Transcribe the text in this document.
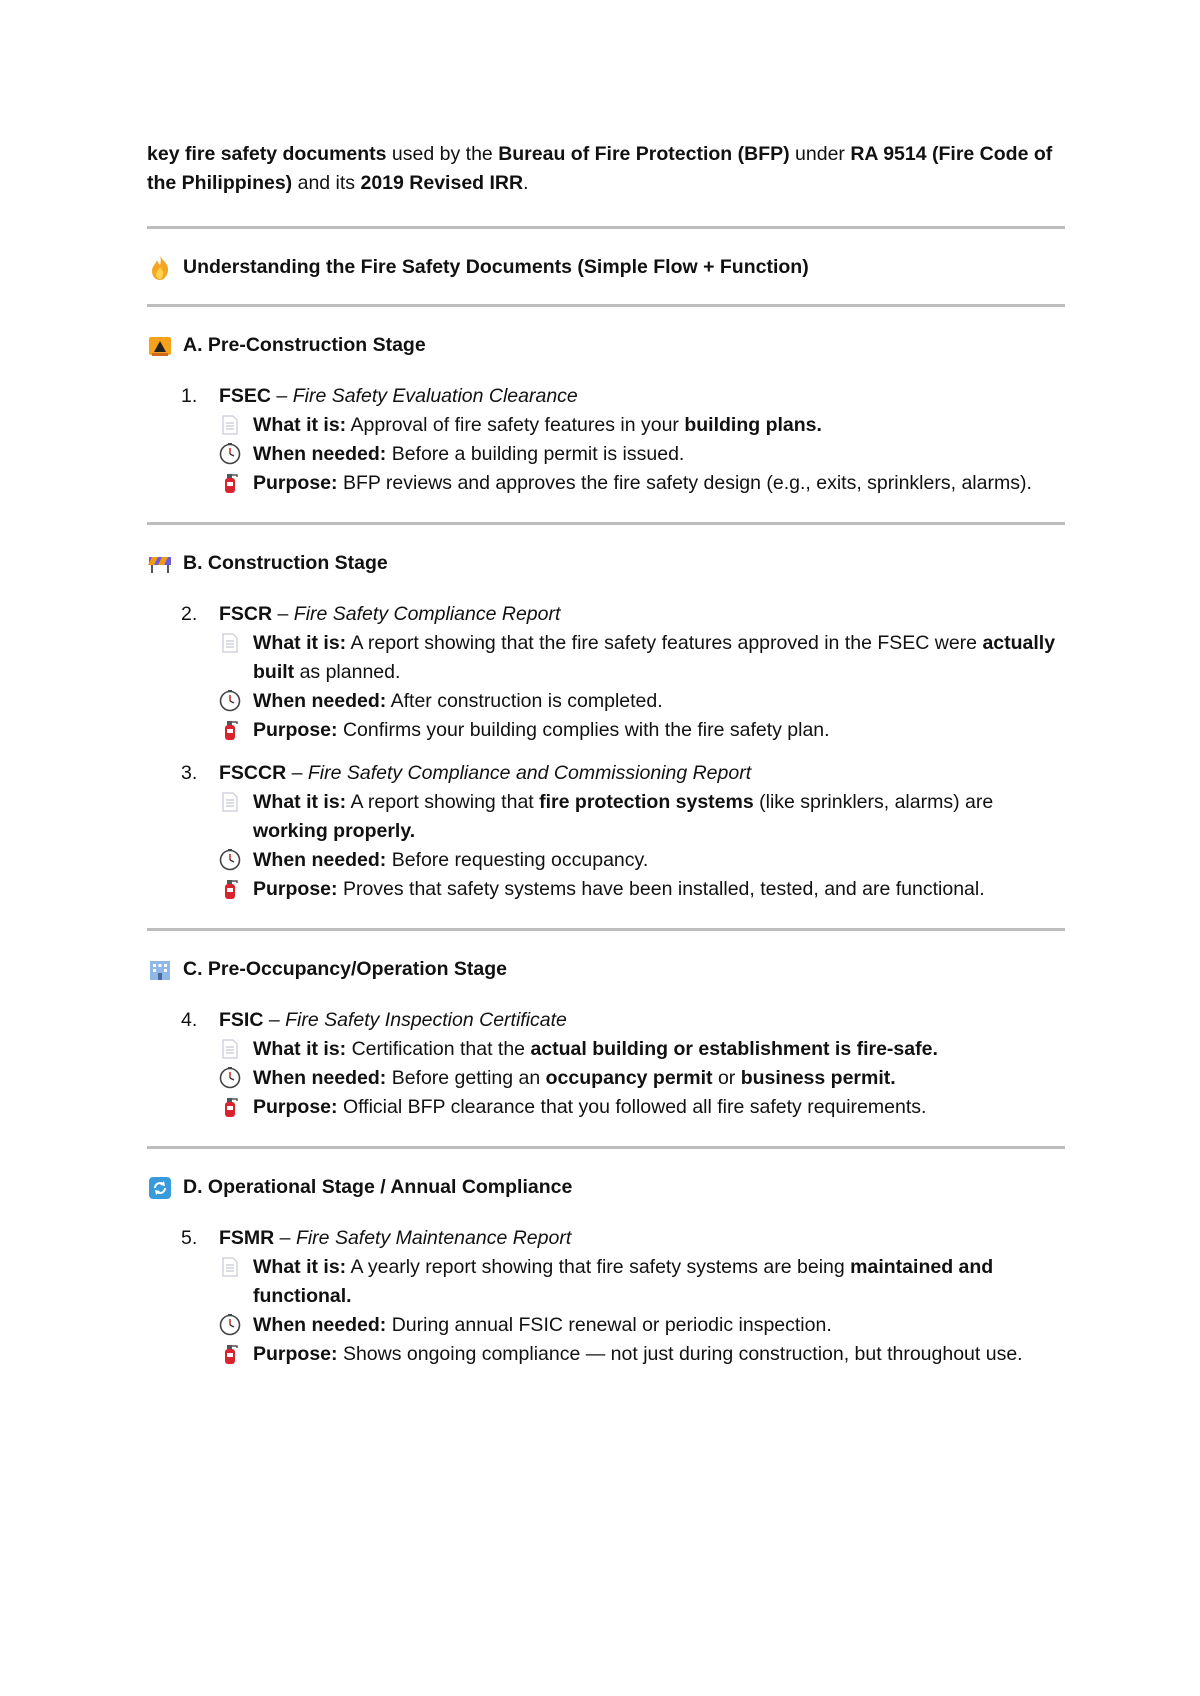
key fire safety documents used by the Bureau of Fire Protection (BFP) under RA 9514 (Fire Code of the Philippines) and its 2019 Revised IRR.

Understanding the Fire Safety Documents (Simple Flow + Function)
A. Pre-Construction Stage
1.	FSEC – Fire Safety Evaluation Clearance
What it is: Approval of fire safety features in your building plans.
When needed: Before a building permit is issued.
Purpose: BFP reviews and approves the fire safety design (e.g., exits, sprinklers, alarms).
B. Construction Stage
2.	FSCR – Fire Safety Compliance Report
What it is: A report showing that the fire safety features approved in the FSEC were actually built as planned.
When needed: After construction is completed.
Purpose: Confirms your building complies with the fire safety plan.
3.	FSCCR – Fire Safety Compliance and Commissioning Report
What it is: A report showing that fire protection systems (like sprinklers, alarms) are working properly.
When needed: Before requesting occupancy.
Purpose: Proves that safety systems have been installed, tested, and are functional.
C. Pre-Occupancy/Operation Stage
4.	FSIC – Fire Safety Inspection Certificate
What it is: Certification that the actual building or establishment is fire-safe.
When needed: Before getting an occupancy permit or business permit.
Purpose: Official BFP clearance that you followed all fire safety requirements.
D. Operational Stage / Annual Compliance
5.	FSMR – Fire Safety Maintenance Report
What it is: A yearly report showing that fire safety systems are being maintained and functional.
When needed: During annual FSIC renewal or periodic inspection.
Purpose: Shows ongoing compliance — not just during construction, but throughout use.
